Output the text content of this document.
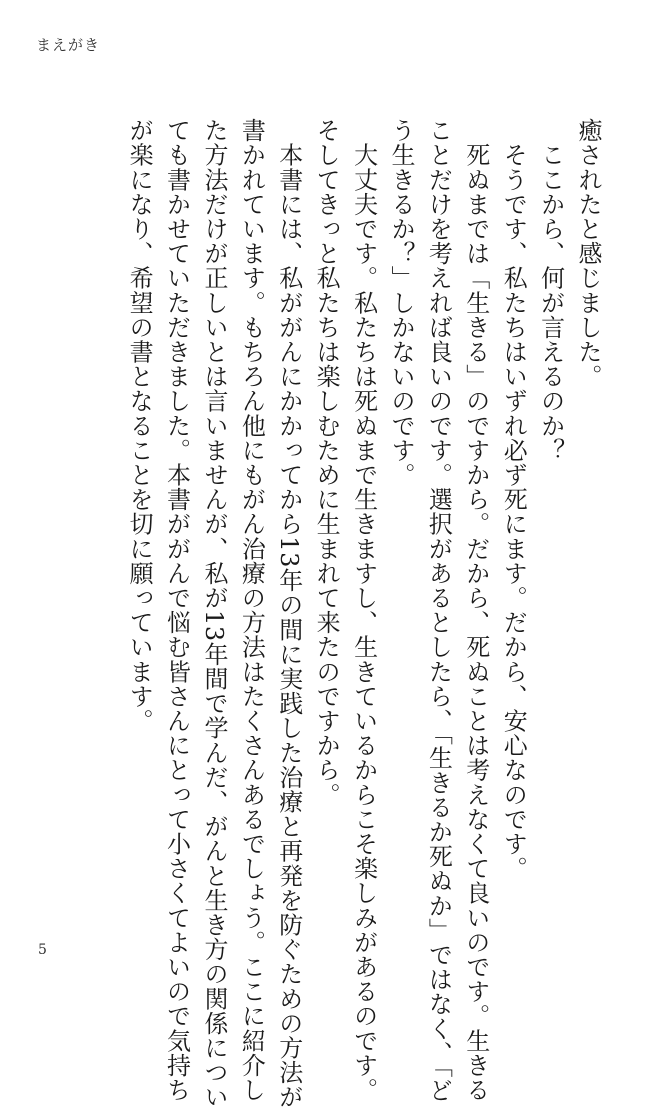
まえがき

癒されたと感じました。

　ここから、何が言えるのか？

　そうです、私たちはいずれ必ず死にます。だから、安心なのです。

　死ぬまでは「生きる」のですから。だから、死ぬことは考えなくて良いのです。生きる

ことだけを考えれば良いのです。選択があるとしたら、「生きるか死ぬか」ではなく、「ど

う生きるか？」しかないのです。

　大丈夫です。私たちは死ぬまで生きますし、生きているからこそ楽しみがあるのです。

そしてきっと私たちは楽しむために生まれて来たのですから。

　本書には、私ががんにかかってから13年の間に実践した治療と再発を防ぐための方法が

書かれています。もちろん他にもがん治療の方法はたくさんあるでしょう。ここに紹介し

た方法だけが正しいとは言いませんが、私が13年間で学んだ、がんと生き方の関係につい

ても書かせていただきました。本書ががんで悩む皆さんにとって小さくてよいので気持ち

が楽になり、希望の書となることを切に願っています。

5
